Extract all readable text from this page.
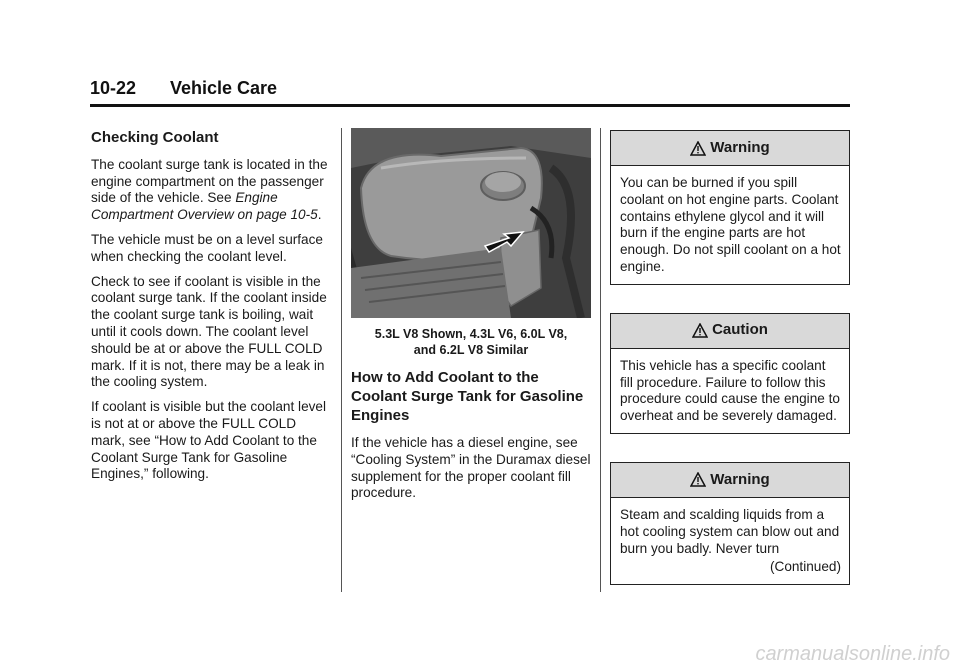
10-22 Vehicle Care
Checking Coolant

The coolant surge tank is located in the engine compartment on the passenger side of the vehicle. See Engine Compartment Overview on page 10-5.

The vehicle must be on a level surface when checking the coolant level.

Check to see if coolant is visible in the coolant surge tank. If the coolant inside the coolant surge tank is boiling, wait until it cools down. The coolant level should be at or above the FULL COLD mark. If it is not, there may be a leak in the cooling system.

If coolant is visible but the coolant level is not at or above the FULL COLD mark, see “How to Add Coolant to the Coolant Surge Tank for Gasoline Engines,” following.

5.3L V8 Shown, 4.3L V6, 6.0L V8,
and 6.2L V8 Similar
How to Add Coolant to the Coolant Surge Tank for Gasoline Engines

If the vehicle has a diesel engine, see “Cooling System” in the Duramax diesel supplement for the proper coolant fill procedure.

Warning
You can be burned if you spill coolant on hot engine parts. Coolant contains ethylene glycol and it will burn if the engine parts are hot enough. Do not spill coolant on a hot engine.
Caution
This vehicle has a specific coolant fill procedure. Failure to follow this procedure could cause the engine to overheat and be severely damaged.
Warning
Steam and scalding liquids from a hot cooling system can blow out and burn you badly. Never turn
(Continued)
carmanualsonline.info
